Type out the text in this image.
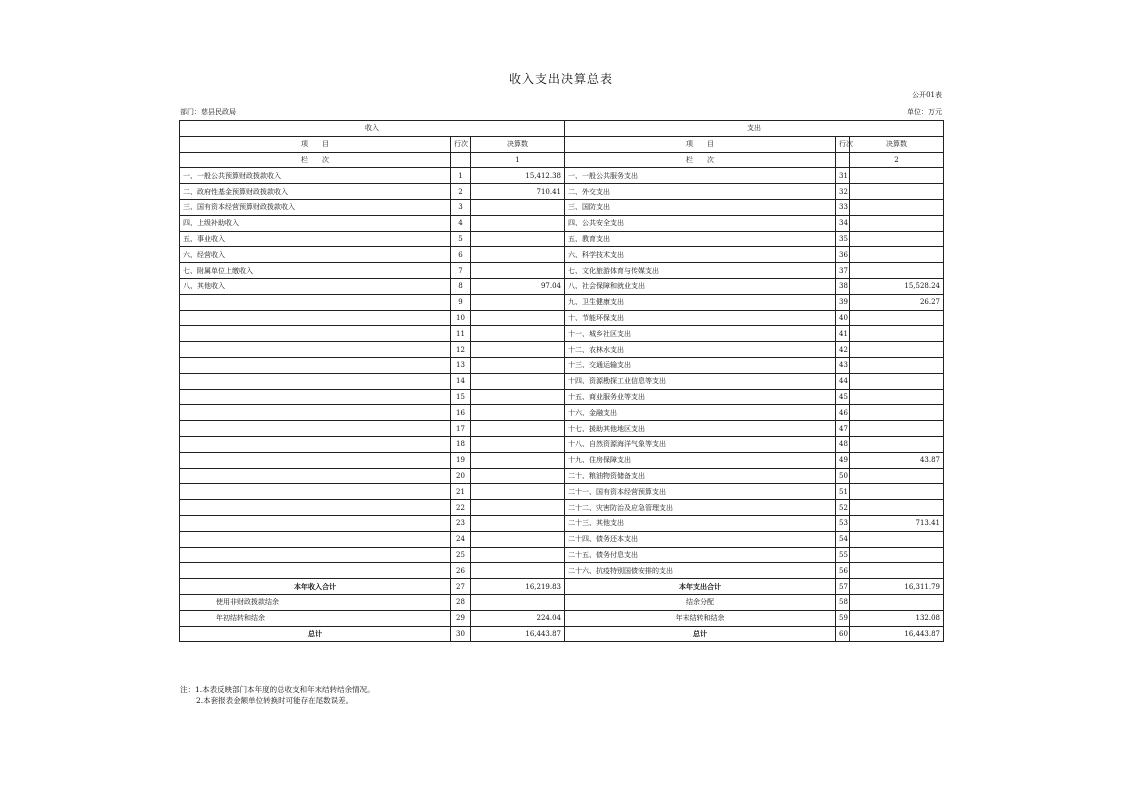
收入支出决算总表
公开01表
部门：慈县民政局	单位：万元
收入			支出		
项　　目	行次	决算数	项　　目	行次	决算数
栏　　次		1	栏　　次		2
一、一般公共预算财政拨款收入	1	15,412.38	一、一般公共服务支出	31	
二、政府性基金预算财政拨款收入	2	710.41	二、外交支出	32	
三、国有资本经营预算财政拨款收入	3		三、国防支出	33	
四、上级补助收入	4		四、公共安全支出	34	
五、事业收入	5		五、教育支出	35	
六、经营收入	6		六、科学技术支出	36	
七、附属单位上缴收入	7		七、文化旅游体育与传媒支出	37	
八、其他收入	8	97.04	八、社会保障和就业支出	38	15,528.24
	9		九、卫生健康支出	39	26.27
	10		十、节能环保支出	40	
	11		十一、城乡社区支出	41	
	12		十二、农林水支出	42	
	13		十三、交通运输支出	43	
	14		十四、资源勘探工业信息等支出	44	
	15		十五、商业服务业等支出	45	
	16		十六、金融支出	46	
	17		十七、援助其他地区支出	47	
	18		十八、自然资源海洋气象等支出	48	
	19		十九、住房保障支出	49	43.87
	20		二十、粮油物资储备支出	50	
	21		二十一、国有资本经营预算支出	51	
	22		二十二、灾害防治及应急管理支出	52	
	23		二十三、其他支出	53	713.41
	24		二十四、债务还本支出	54	
	25		二十五、债务付息支出	55	
	26		二十六、抗疫特别国债安排的支出	56	
本年收入合计	27	16,219.83	本年支出合计	57	16,311.79
使用非财政拨款结余	28		结余分配	58	
年初结转和结余	29	224.04	年末结转和结余	59	132.08
总计	30	16,443.87	总计	60	16,443.87
注：1.本表反映部门本年度的总收支和年末结转结余情况。
2.本套报表金额单位转换时可能存在尾数误差。
